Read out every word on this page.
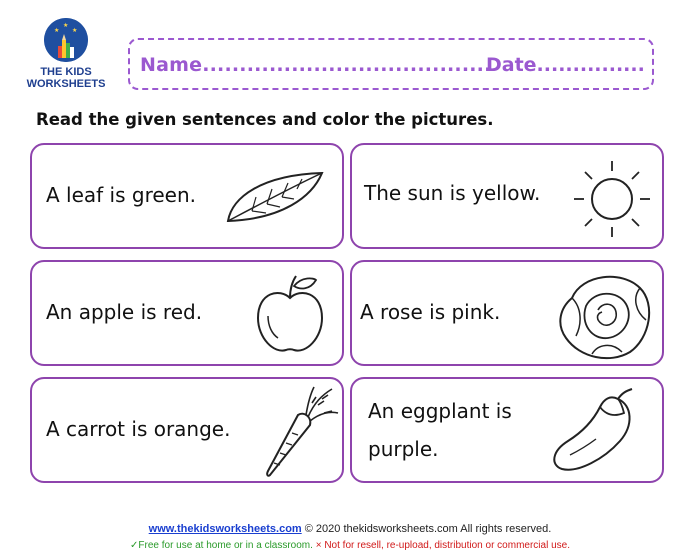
★
★
★
THE KIDS
WORKSHEETS
Name.......................................
Date...............
Read the given sentences and color the pictures.
A leaf is green.	The sun is yellow.
An apple is red.	A rose is pink.
A carrot is orange.
An eggplant is
purple.
www.thekidsworksheets.com © 2020 thekidsworksheets.com All rights reserved.
✓Free for use at home or in a classroom. × Not for resell, re-upload, distribution or commercial use.
